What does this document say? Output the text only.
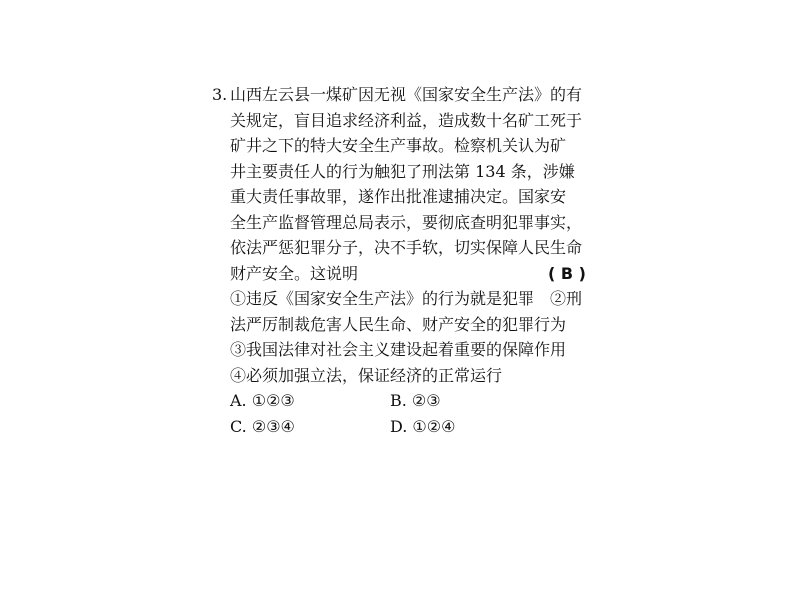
3. 山西左云县一煤矿因无视《国家安全生产法》的有
关规定，盲目追求经济利益，造成数十名矿工死于
矿井之下的特大安全生产事故。检察机关认为矿
井主要责任人的行为触犯了刑法第 134 条，涉嫌
重大责任事故罪，遂作出批准逮捕决定。国家安
全生产监督管理总局表示，要彻底查明犯罪事实，
依法严惩犯罪分子，决不手软，切实保障人民生命
财产安全。这说明	( B )
①违反《国家安全生产法》的行为就是犯罪　②刑
法严厉制裁危害人民生命、财产安全的犯罪行为
③我国法律对社会主义建设起着重要的保障作用
④必须加强立法，保证经济的正常运行
A. ①②③	B. ②③
C. ②③④	D. ①②④
